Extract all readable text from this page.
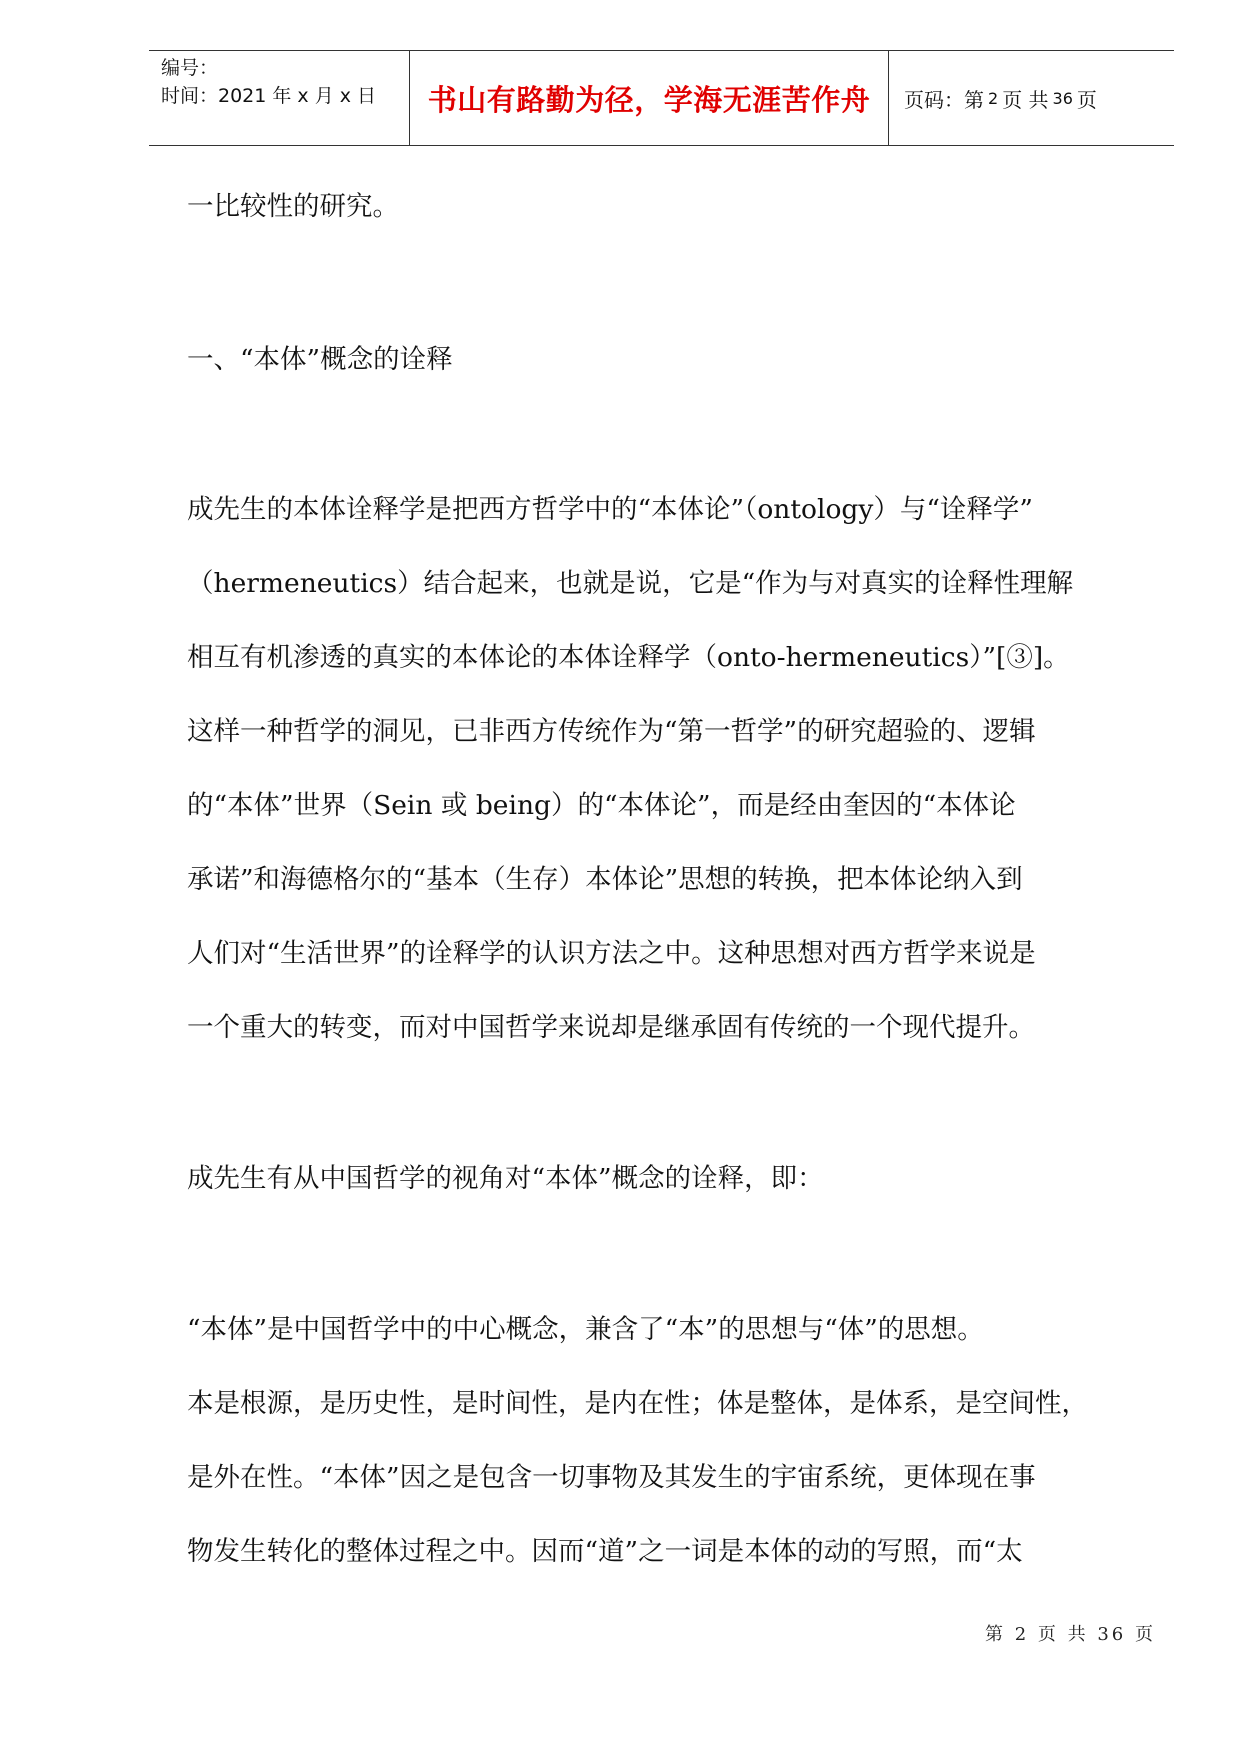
编号：
时间：2021 年 x 月 x 日	书山有路勤为径，学海无涯苦作舟	页码：第 2 页 共 36 页
一比较性的研究。
一、“本体”概念的诠释
成先生的本体诠释学是把西方哲学中的“本体论”（ontology）与“诠释学”
（hermeneutics）结合起来，也就是说，它是“作为与对真实的诠释性理解
相互有机渗透的真实的本体论的本体诠释学（onto-hermeneutics）”[③]。
这样一种哲学的洞见，已非西方传统作为“第一哲学”的研究超验的、逻辑
的“本体”世界（Sein 或 being）的“本体论”，而是经由奎因的“本体论
承诺”和海德格尔的“基本（生存）本体论”思想的转换，把本体论纳入到
人们对“生活世界”的诠释学的认识方法之中。这种思想对西方哲学来说是
一个重大的转变，而对中国哲学来说却是继承固有传统的一个现代提升。
成先生有从中国哲学的视角对“本体”概念的诠释，即：
“本体”是中国哲学中的中心概念，兼含了“本”的思想与“体”的思想。
本是根源，是历史性，是时间性，是内在性；体是整体，是体系，是空间性，
是外在性。“本体”因之是包含一切事物及其发生的宇宙系统，更体现在事
物发生转化的整体过程之中。因而“道”之一词是本体的动的写照，而“太
第 2 页 共 36 页
